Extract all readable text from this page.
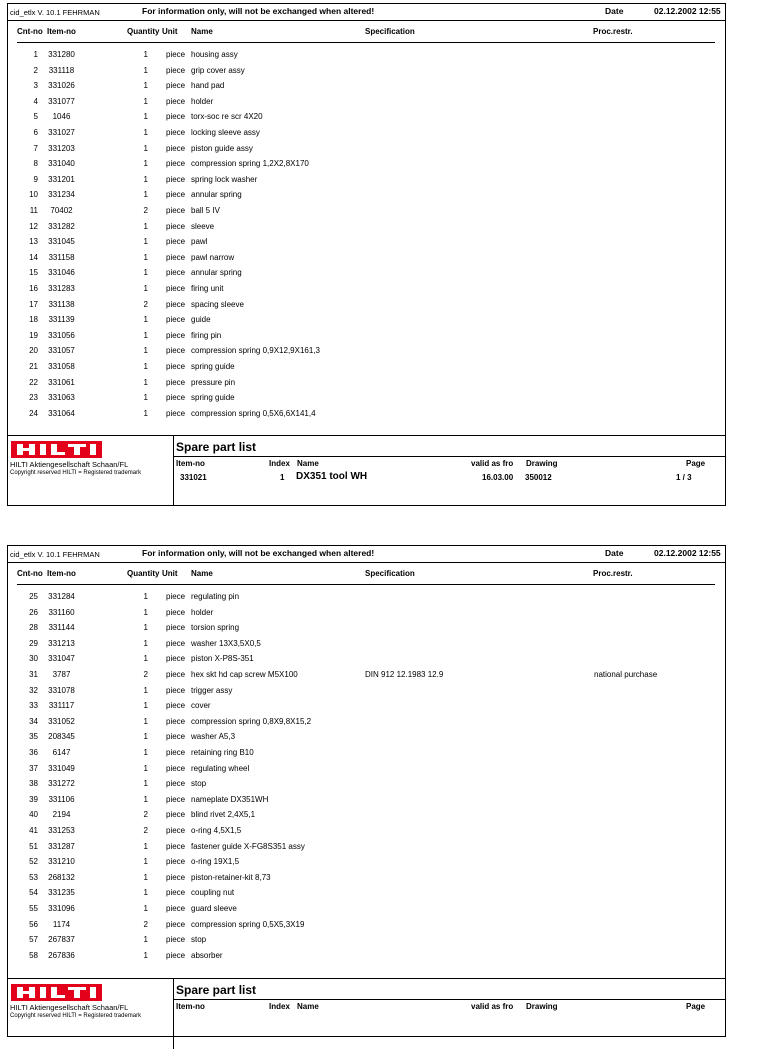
cid_etlx V. 10.1 FEHRMAN	For information only, will not be exchanged when altered!	Date	02.12.2002 12:55
Cnt-no Item-no	Quantity Unit Name	Specification	Proc.restr.
1	331280	1 piece housing assy
2	331118	1 piece grip cover assy
3	331026	1 piece hand pad
4	331077	1 piece holder
5	1046	1 piece torx-soc re scr 4X20
6	331027	1 piece locking sleeve assy
7	331203	1 piece piston guide assy
8	331040	1 piece compression spring 1,2X2,8X170
9	331201	1 piece spring lock washer
10	331234	1 piece annular spring
11	70402	2 piece ball 5 IV
12	331282	1 piece sleeve
13	331045	1 piece pawl
14	331158	1 piece pawl narrow
15	331046	1 piece annular spring
16	331283	1 piece firing unit
17	331138	2 piece spacing sleeve
18	331139	1 piece guide
19	331056	1 piece firing pin
20	331057	1 piece compression spring 0,9X12,9X161,3
21	331058	1 piece spring guide
22	331061	1 piece pressure pin
23	331063	1 piece spring guide
24	331064	1 piece compression spring 0,5X6,6X141,4
HILTI Aktiengesellschaft Schaan/FL
Copyright reserved HILTI = Registered trademark
Spare part list
Item-no	Index Name	valid as fro Drawing	Page
331021	1 DX351 tool WH	16.03.00 350012	1 / 3
cid_etlx V. 10.1 FEHRMAN	For information only, will not be exchanged when altered!	Date	02.12.2002 12:55
Cnt-no Item-no	Quantity Unit Name	Specification	Proc.restr.
25	331284	1 piece regulating pin
26	331160	1 piece holder
28	331144	1 piece torsion spring
29	331213	1 piece washer 13X3,5X0,5
30	331047	1 piece piston X-P8S-351
31	3787	2 piece hex skt hd cap screw M5X100	DIN 912 12.1983 12.9	national purchase
32	331078	1 piece trigger assy
33	331117	1 piece cover
34	331052	1 piece compression spring 0,8X9,8X15,2
35	208345	1 piece washer A5,3
36	6147	1 piece retaining ring B10
37	331049	1 piece regulating wheel
38	331272	1 piece stop
39	331106	1 piece nameplate DX351WH
40	2194	2 piece blind rivet 2,4X5,1
41	331253	2 piece o-ring 4,5X1,5
51	331287	1 piece fastener guide X-FG8S351 assy
52	331210	1 piece o-ring 19X1,5
53	268132	1 piece piston-retainer-kit 8,73
54	331235	1 piece coupling nut
55	331096	1 piece guard sleeve
56	1174	2 piece compression spring 0,5X5,3X19
57	267837	1 piece stop
58	267836	1 piece absorber
HILTI Aktiengesellschaft Schaan/FL
Copyright reserved HILTI = Registered trademark
Spare part list
Item-no	Index Name	valid as fro Drawing	Page
